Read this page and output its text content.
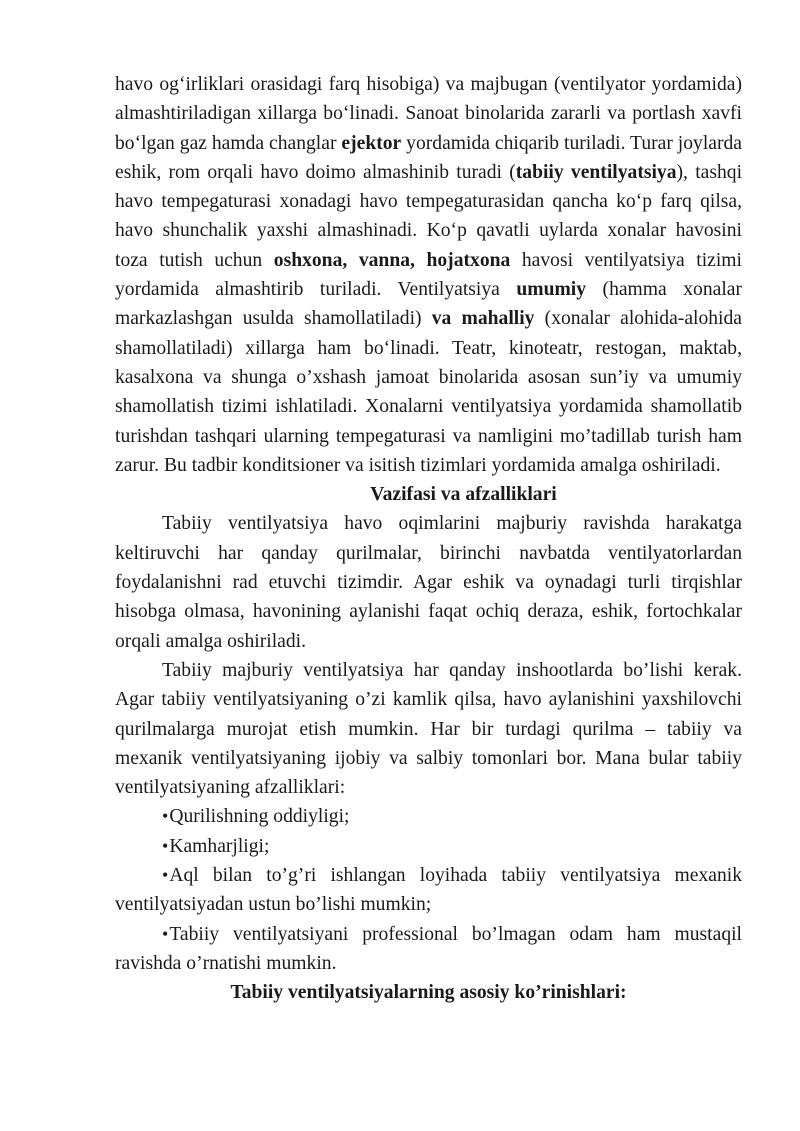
havo og‘irliklari orasidagi farq hisobiga) va majbugan (ventilyator yordamida) almashtiriladigan xillarga bo‘linadi. Sanoat binolarida zararli va portlash xavfi bo‘lgan gaz hamda changlar ejektor yordamida chiqarib turiladi. Turar joylarda eshik, rom orqali havo doimo almashinib turadi (tabiiy ventilyatsiya), tashqi havo tempegaturasi xonadagi havo tempegaturasidan qancha ko‘p farq qilsa, havo shunchalik yaxshi almashinadi. Ko‘p qavatli uylarda xonalar havosini toza tutish uchun oshxona, vanna, hojatxona havosi ventilyatsiya tizimi yordamida almashtirib turiladi. Ventilyatsiya umumiy (hamma xonalar markazlashgan usulda shamollatiladi) va mahalliy (xonalar alohida-alohida shamollatiladi) xillarga ham bo‘linadi. Teatr, kinoteatr, restogan, maktab, kasalxona va shunga o’xshash jamoat binolarida asosan sun’iy va umumiy shamollatish tizimi ishlatiladi. Xonalarni ventilyatsiya yordamida shamollatib turishdan tashqari ularning tempegaturasi va namligini mo’tadillab turish ham zarur. Bu tadbir konditsioner va isitish tizimlari yordamida amalga oshiriladi.

Vazifasi va afzalliklari

Tabiiy ventilyatsiya havo oqimlarini majburiy ravishda harakatga keltiruvchi har qanday qurilmalar, birinchi navbatda ventilyatorlardan foydalanishni rad etuvchi tizimdir. Agar eshik va oynadagi turli tirqishlar hisobga olmasa, havonining aylanishi faqat ochiq deraza, eshik, fortochkalar orqali amalga oshiriladi.

Tabiiy majburiy ventilyatsiya har qanday inshootlarda bo’lishi kerak. Agar tabiiy ventilyatsiyaning o’zi kamlik qilsa, havo aylanishini yaxshilovchi qurilmalarga murojat etish mumkin. Har bir turdagi qurilma – tabiiy va mexanik ventilyatsiyaning ijobiy va salbiy tomonlari bor. Mana bular tabiiy ventilyatsiyaning afzalliklari:

•Qurilishning oddiyligi;

•Kamharjligi;

•Aql bilan to’g’ri ishlangan loyihada tabiiy ventilyatsiya mexanik ventilyatsiyadan ustun bo’lishi mumkin;

•Tabiiy ventilyatsiyani professional bo’lmagan odam ham mustaqil ravishda o’rnatishi mumkin.

Tabiiy ventilyatsiyalarning asosiy ko’rinishlari:
